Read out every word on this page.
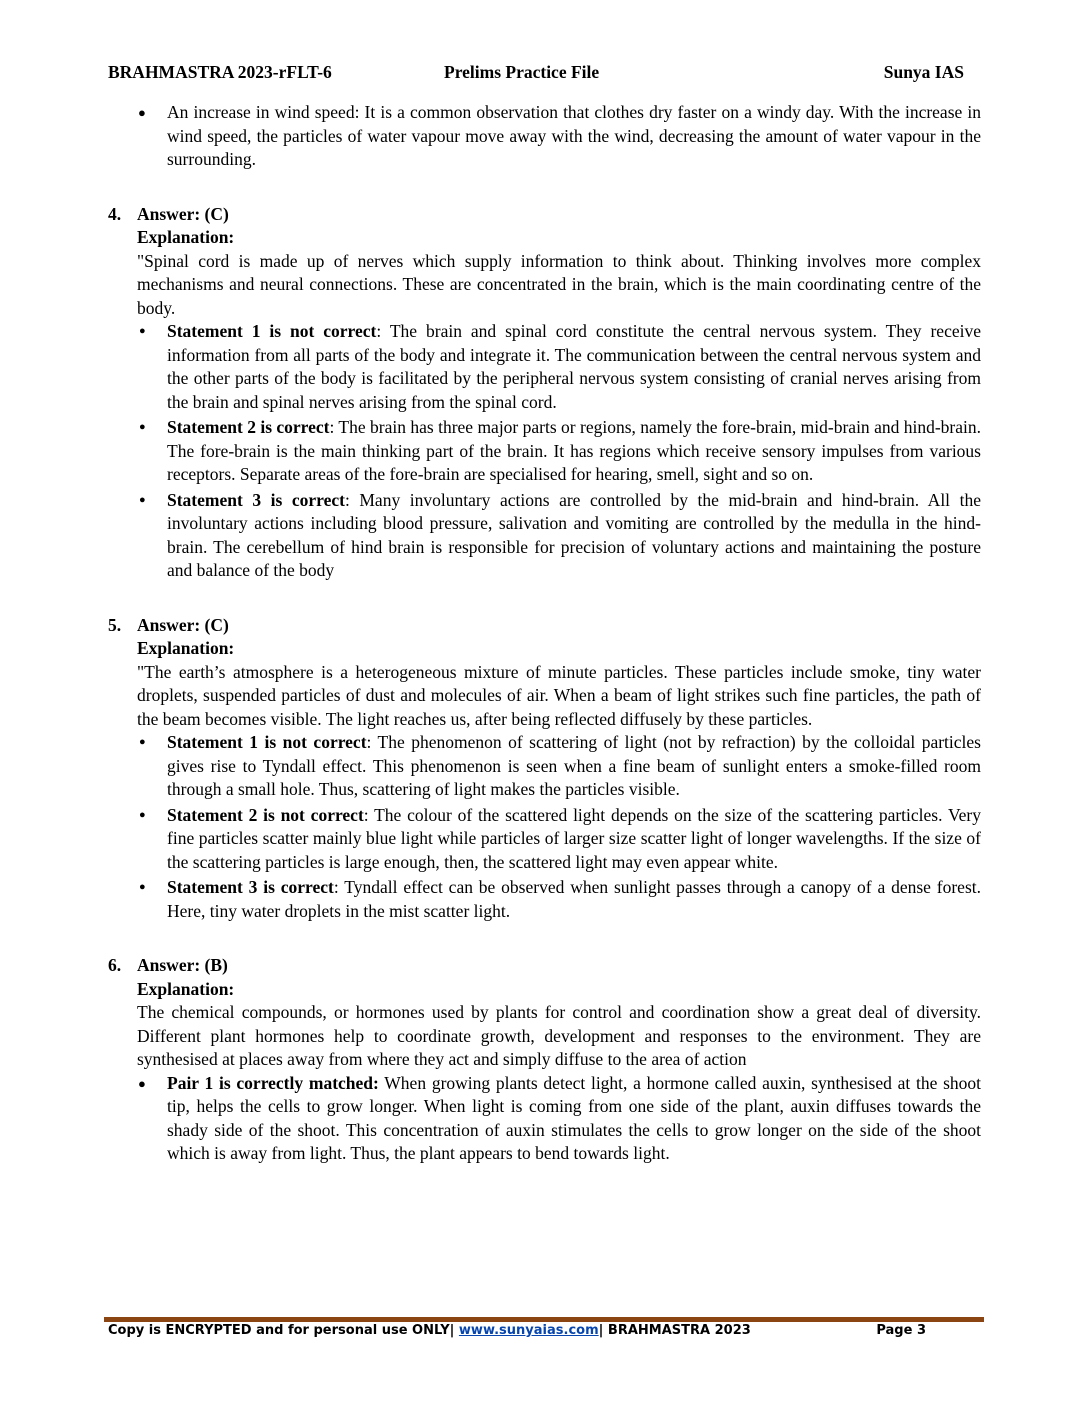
BRAHMASTRA 2023-rFLT-6	Prelims Practice File	Sunya IAS
● An increase in wind speed: It is a common observation that clothes dry faster on a windy day. With the increase in wind speed, the particles of water vapour move away with the wind, decreasing the amount of water vapour in the surrounding.
4. Answer: (C)
Explanation:
"Spinal cord is made up of nerves which supply information to think about. Thinking involves more complex mechanisms and neural connections. These are concentrated in the brain, which is the main coordinating centre of the body.
● Statement 1 is not correct: The brain and spinal cord constitute the central nervous system. They receive information from all parts of the body and integrate it. The communication between the central nervous system and the other parts of the body is facilitated by the peripheral nervous system consisting of cranial nerves arising from the brain and spinal nerves arising from the spinal cord.
● Statement 2 is correct: The brain has three major parts or regions, namely the fore-brain, mid-brain and hind-brain. The fore-brain is the main thinking part of the brain. It has regions which receive sensory impulses from various receptors. Separate areas of the fore-brain are specialised for hearing, smell, sight and so on.
● Statement 3 is correct: Many involuntary actions are controlled by the mid-brain and hind-brain. All the involuntary actions including blood pressure, salivation and vomiting are controlled by the medulla in the hind-brain. The cerebellum of hind brain is responsible for precision of voluntary actions and maintaining the posture and balance of the body
5. Answer: (C)
Explanation:
"The earth’s atmosphere is a heterogeneous mixture of minute particles. These particles include smoke, tiny water droplets, suspended particles of dust and molecules of air. When a beam of light strikes such fine particles, the path of the beam becomes visible. The light reaches us, after being reflected diffusely by these particles.
● Statement 1 is not correct: The phenomenon of scattering of light (not by refraction) by the colloidal particles gives rise to Tyndall effect. This phenomenon is seen when a fine beam of sunlight enters a smoke-filled room through a small hole. Thus, scattering of light makes the particles visible.
● Statement 2 is not correct: The colour of the scattered light depends on the size of the scattering particles. Very fine particles scatter mainly blue light while particles of larger size scatter light of longer wavelengths. If the size of the scattering particles is large enough, then, the scattered light may even appear white.
● Statement 3 is correct: Tyndall effect can be observed when sunlight passes through a canopy of a dense forest. Here, tiny water droplets in the mist scatter light.
6. Answer: (B)
Explanation:
The chemical compounds, or hormones used by plants for control and coordination show a great deal of diversity. Different plant hormones help to coordinate growth, development and responses to the environment. They are synthesised at places away from where they act and simply diffuse to the area of action
● Pair 1 is correctly matched: When growing plants detect light, a hormone called auxin, synthesised at the shoot tip, helps the cells to grow longer. When light is coming from one side of the plant, auxin diffuses towards the shady side of the shoot. This concentration of auxin stimulates the cells to grow longer on the side of the shoot which is away from light. Thus, the plant appears to bend towards light.
Copy is ENCRYPTED and for personal use ONLY| www.sunyaias.com| BRAHMASTRA 2023	Page 3
